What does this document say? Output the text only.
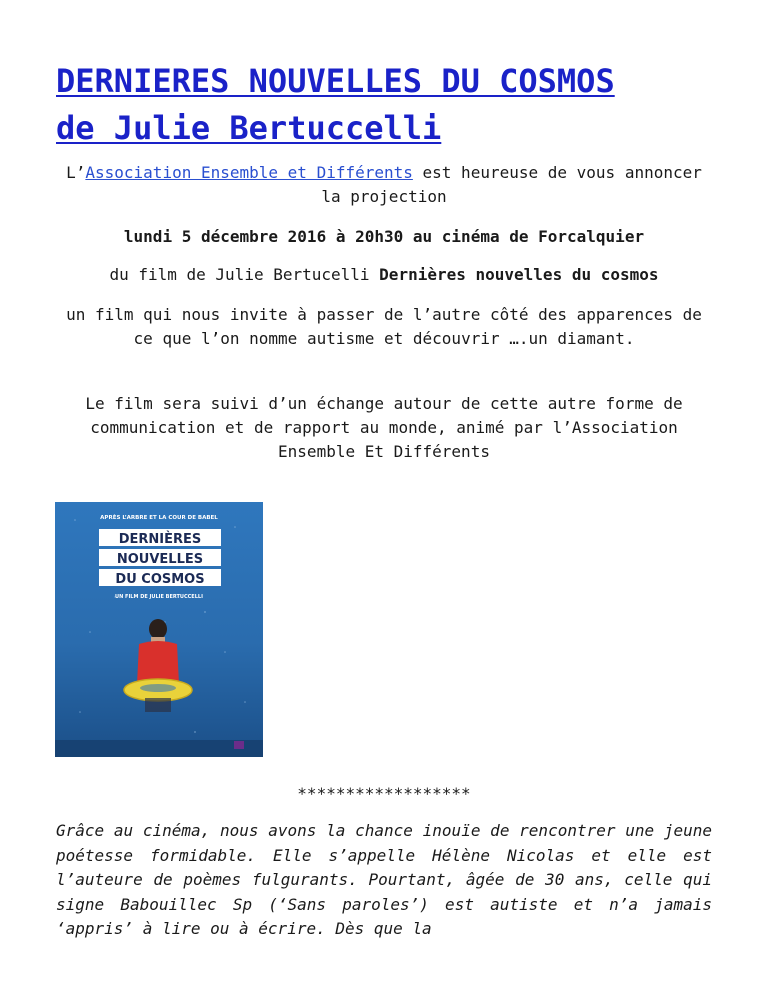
DERNIERES NOUVELLES DU COSMOS
de Julie Bertuccelli

L’Association Ensemble et Différents est heureuse de vous annoncer la projection

lundi 5 décembre 2016 à 20h30 au cinéma de Forcalquier

du film de Julie Bertucelli Dernières nouvelles du cosmos

un film qui nous invite à passer de l’autre côté des apparences de ce que l’on nomme autisme et découvrir ….un diamant.

Le film sera suivi d’un échange autour de cette autre forme de communication et de rapport au monde, animé par l’Association Ensemble Et Différents

APRÈS L’ARBRE ET LA COUR DE BABEL
DERNIÈRES
NOUVELLES
DU COSMOS
UN FILM DE JULIE BERTUCCELLI

******************

Grâce au cinéma, nous avons la chance inouïe de rencontrer une jeune poétesse formidable. Elle s’appelle Hélène Nicolas et elle est l’auteure de poèmes fulgurants. Pourtant, âgée de 30 ans, celle qui signe Babouillec Sp (‘Sans paroles’) est autiste et n’a jamais ‘appris’ à lire ou à écrire. Dès que la
